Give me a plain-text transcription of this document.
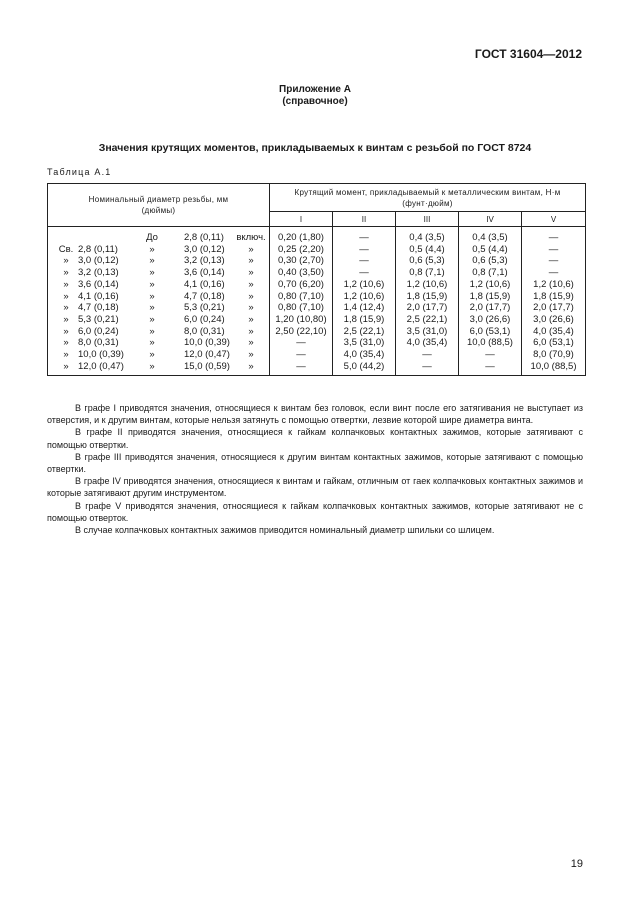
ГОСТ 31604—2012
Приложение А
(справочное)
Значения крутящих моментов, прикладываемых к винтам с резьбой по ГОСТ 8724
Таблица А.1
Номинальный диаметр резьбы, мм (дюймы)	Крутящий момент, прикладываемый к металлическим винтам, Н·м (фунт·дюйм)				
	I	II	III	IV	V

До 2,8 (0,11) включ.	0,20 (1,80)	—	0,4 (3,5)	0,4 (3,5)	—

Св. 2,8 (0,11) » 3,0 (0,12) »	0,25 (2,20)	—	0,5 (4,4)	0,5 (4,4)	—

» 3,0 (0,12) » 3,2 (0,13) »	0,30 (2,70)	—	0,6 (5,3)	0,6 (5,3)	—

» 3,2 (0,13) » 3,6 (0,14) »	0,40 (3,50)	—	0,8 (7,1)	0,8 (7,1)	—

» 3,6 (0,14) » 4,1 (0,16) »	0,70 (6,20)	1,2 (10,6)	1,2 (10,6)	1,2 (10,6)	1,2 (10,6)

» 4,1 (0,16) » 4,7 (0,18) »	0,80 (7,10)	1,2 (10,6)	1,8 (15,9)	1,8 (15,9)	1,8 (15,9)

» 4,7 (0,18) » 5,3 (0,21) »	0,80 (7,10)	1,4 (12,4)	2,0 (17,7)	2,0 (17,7)	2,0 (17,7)

» 5,3 (0,21) » 6,0 (0,24) »	1,20 (10,80)	1,8 (15,9)	2,5 (22,1)	3,0 (26,6)	3,0 (26,6)

» 6,0 (0,24) » 8,0 (0,31) »	2,50 (22,10)	2,5 (22,1)	3,5 (31,0)	6,0 (53,1)	4,0 (35,4)

» 8,0 (0,31) » 10,0 (0,39) »	—	3,5 (31,0)	4,0 (35,4)	10,0 (88,5)	6,0 (53,1)

» 10,0 (0,39) » 12,0 (0,47) »	—	4,0 (35,4)	—	—	8,0 (70,9)

» 12,0 (0,47) » 15,0 (0,59) »	—	5,0 (44,2)	—	—	10,0 (88,5)

В графе I приводятся значения, относящиеся к винтам без головок, если винт после его затягивания не выступает из отверстия, и к другим винтам, которые нельзя затянуть с помощью отвертки, лезвие которой шире диаметра винта.

В графе II приводятся значения, относящиеся к гайкам колпачковых контактных зажимов, которые затягивают с помощью отвертки.

В графе III приводятся значения, относящиеся к другим винтам контактных зажимов, которые затягивают с помощью отвертки.

В графе IV приводятся значения, относящиеся к винтам и гайкам, отличным от гаек колпачковых контактных зажимов и которые затягивают другим инструментом.

В графе V приводятся значения, относящиеся к гайкам колпачковых контактных зажимов, которые затягивают не с помощью отверток.

В случае колпачковых контактных зажимов приводится номинальный диаметр шпильки со шлицем.

19
